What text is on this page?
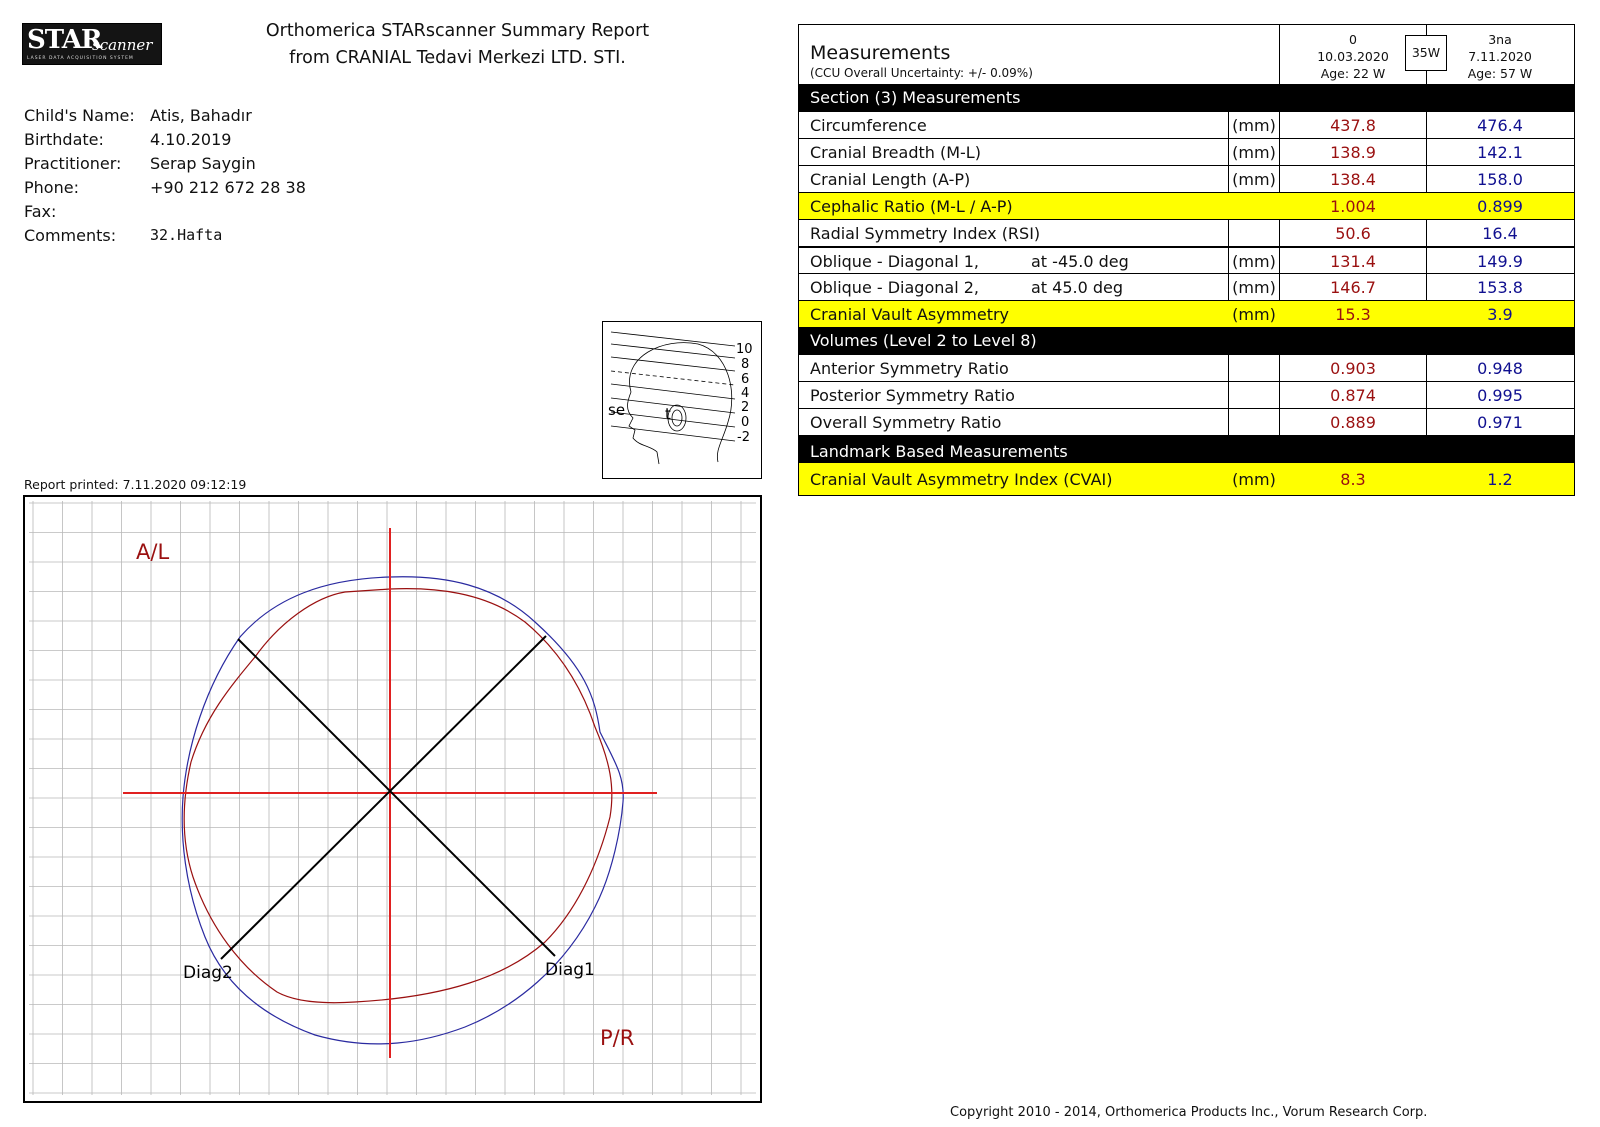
STAR
scanner
LASER DATA ACQUISITION SYSTEM
Orthomerica STARscanner Summary Report
from CRANIAL Tedavi Merkezi LTD. STI.
Child's Name: Atis, Bahadır
Birthdate:	4.10.2019
Practitioner: Serap Saygin
Phone:	+90 212 672 28 38
Fax:
Comments: 32.Hafta
10
8
6
4
2
0
-2
se	t
Report printed: 7.11.2020 09:12:19
A/L
P/R
Diag1
Diag2
Measurements
(CCU Overall Uncertainty: +/- 0.09%)
0
10.03.2020
Age: 22 W
3na
7.11.2020
Age: 57 W
35W
Section (3) Measurements
Circumference	(mm)	437.8	476.4
Cranial Breadth (M-L)	(mm)	138.9	142.1
Cranial Length (A-P)	(mm)	138.4	158.0
Cephalic Ratio (M-L / A-P)	1.004	0.899
Radial Symmetry Index (RSI)	50.6	16.4
Oblique - Diagonal 1,	at -45.0 deg	(mm)	131.4	149.9
Oblique - Diagonal 2,	at 45.0 deg	(mm)	146.7	153.8
Cranial Vault Asymmetry	(mm)	15.3	3.9
Volumes (Level 2 to Level 8)
Anterior Symmetry Ratio	0.903	0.948
Posterior Symmetry Ratio	0.874	0.995
Overall Symmetry Ratio	0.889	0.971
Landmark Based Measurements
Cranial Vault Asymmetry Index (CVAI)	(mm)	8.3	1.2
Copyright 2010 - 2014, Orthomerica Products Inc., Vorum Research Corp.
